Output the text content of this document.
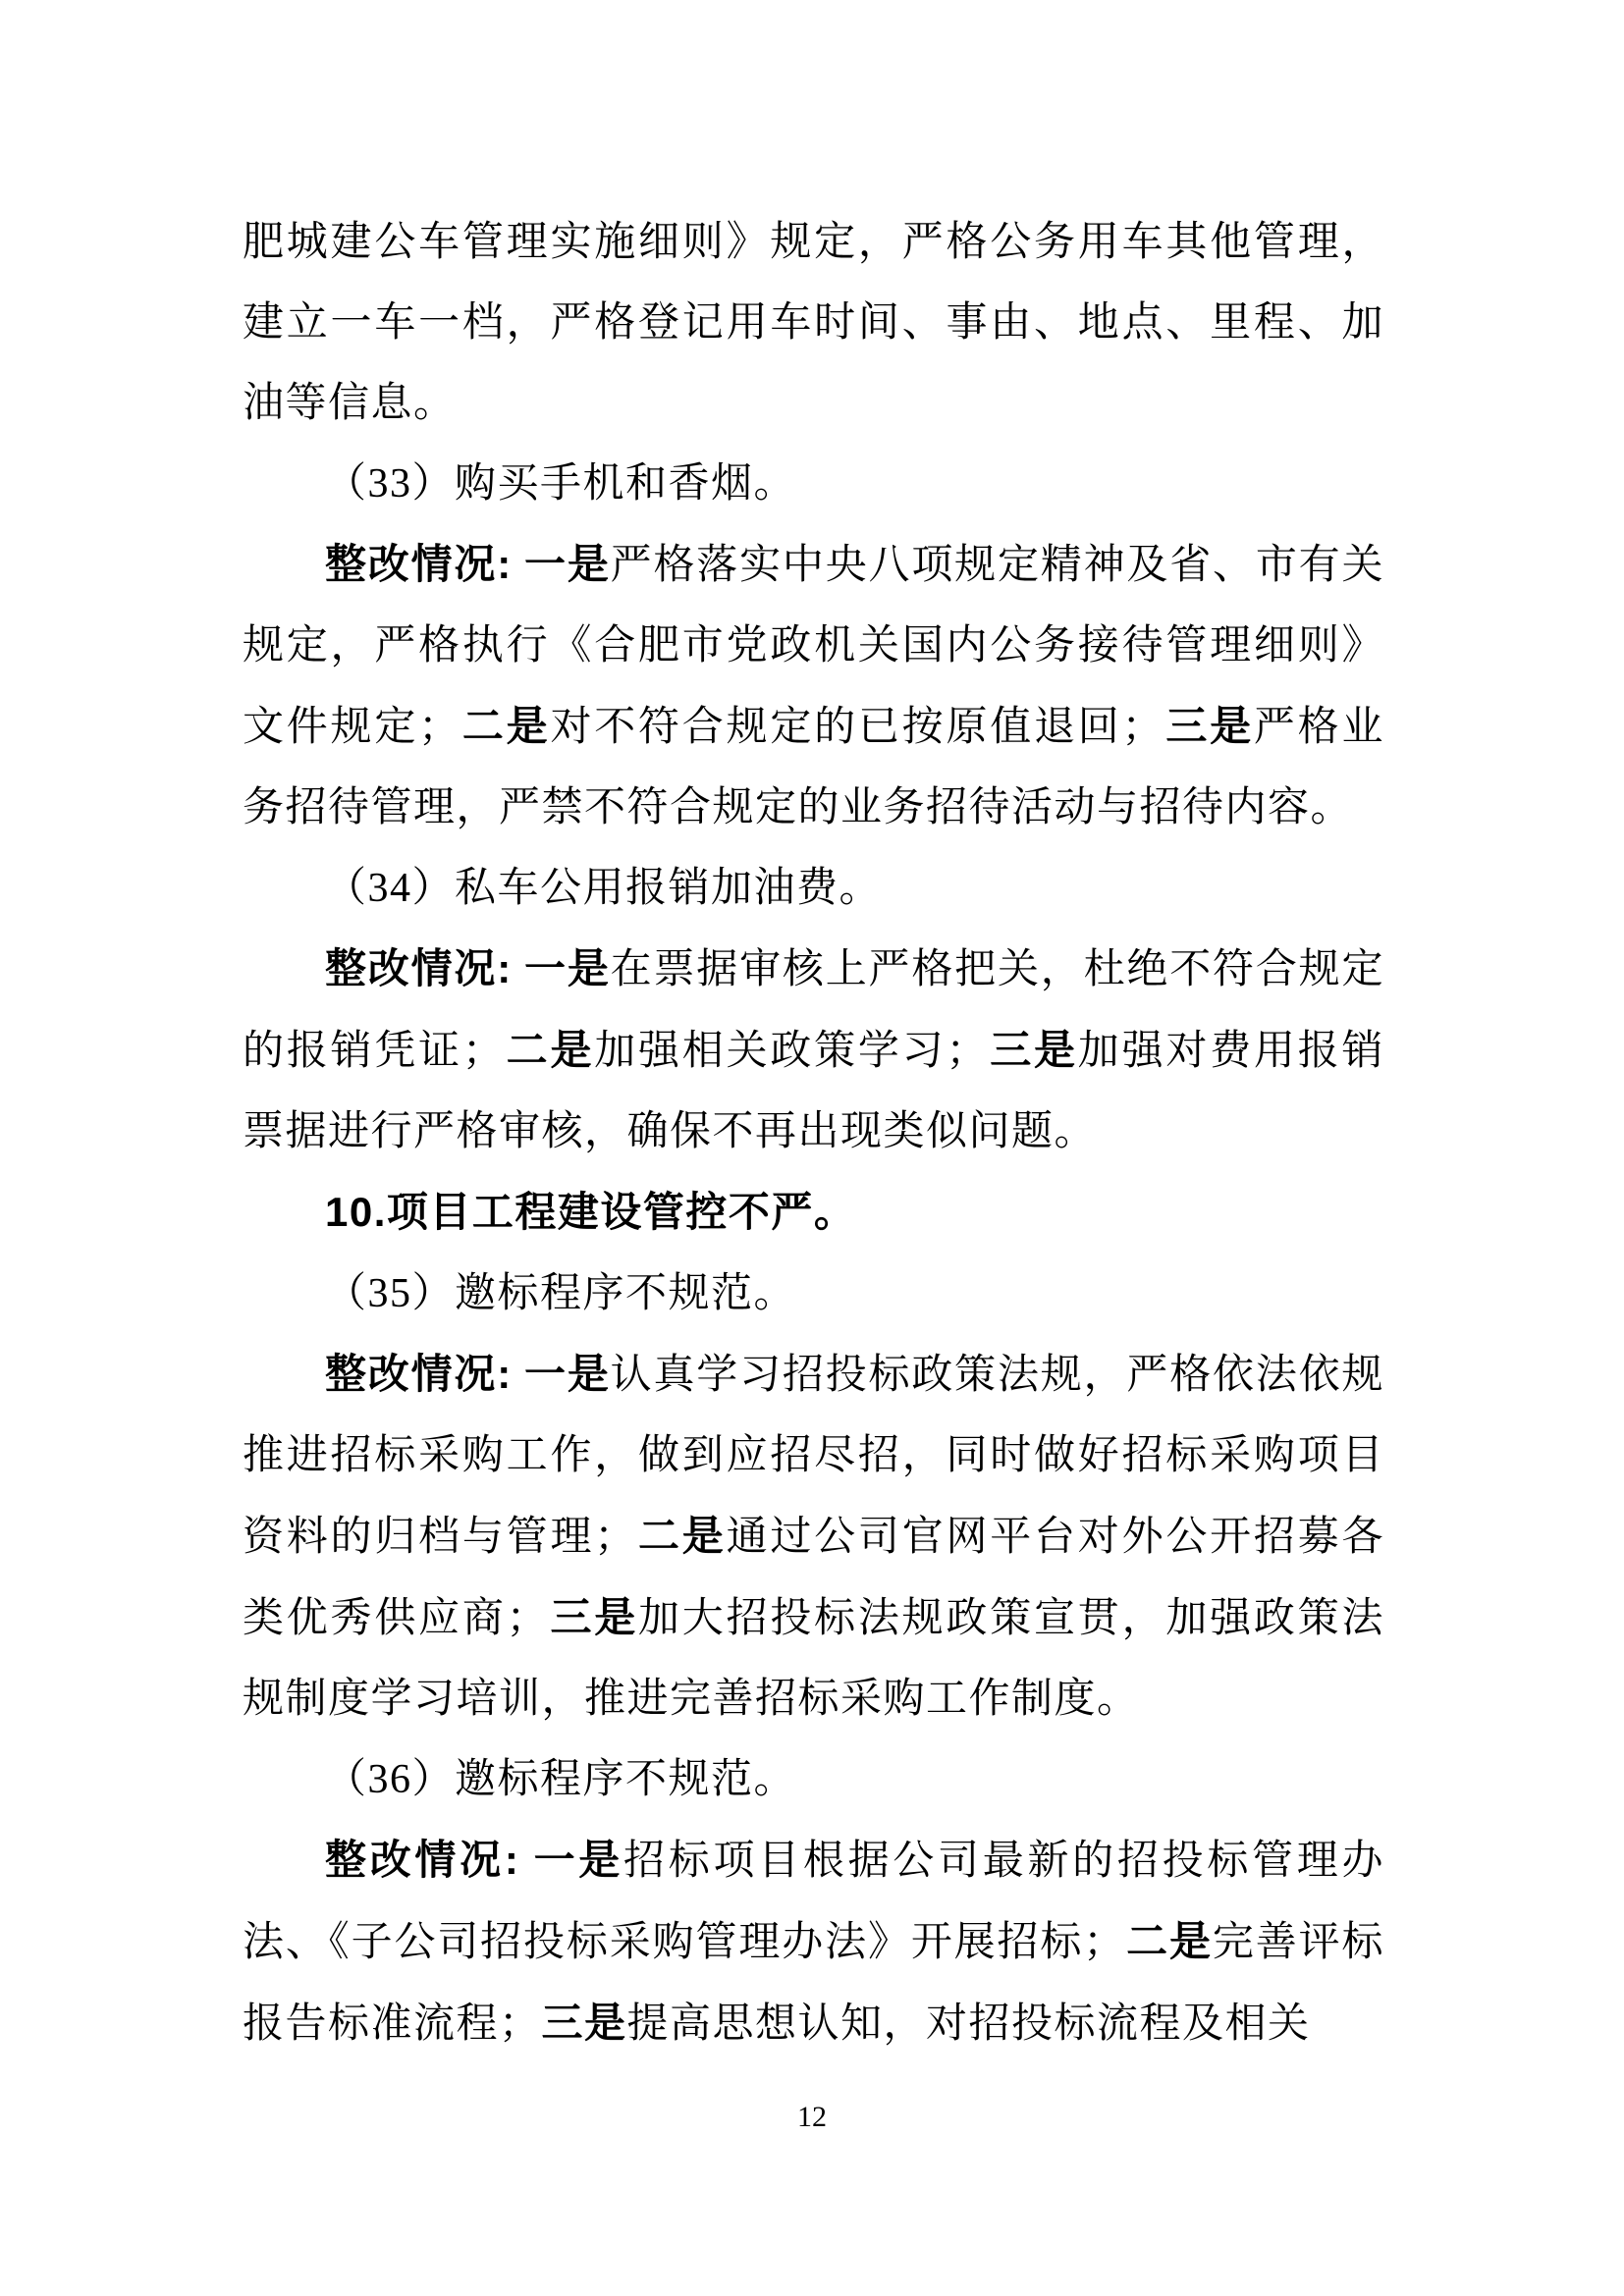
肥城建公车管理实施细则》规定，严格公务用车其他管理，建立一车一档，严格登记用车时间、事由、地点、里程、加油等信息。

（33）购买手机和香烟。

整改情况: 一是严格落实中央八项规定精神及省、市有关规定，严格执行《合肥市党政机关国内公务接待管理细则》文件规定；二是对不符合规定的已按原值退回；三是严格业务招待管理，严禁不符合规定的业务招待活动与招待内容。

（34）私车公用报销加油费。

整改情况: 一是在票据审核上严格把关，杜绝不符合规定的报销凭证；二是加强相关政策学习；三是加强对费用报销票据进行严格审核，确保不再出现类似问题。

10.项目工程建设管控不严。

（35）邀标程序不规范。

整改情况: 一是认真学习招投标政策法规，严格依法依规推进招标采购工作，做到应招尽招，同时做好招标采购项目资料的归档与管理；二是通过公司官网平台对外公开招募各类优秀供应商；三是加大招投标法规政策宣贯，加强政策法规制度学习培训，推进完善招标采购工作制度。

（36）邀标程序不规范。

整改情况: 一是招标项目根据公司最新的招投标管理办法、《子公司招投标采购管理办法》开展招标；二是完善评标报告标准流程；三是提高思想认知，对招投标流程及相关

12
